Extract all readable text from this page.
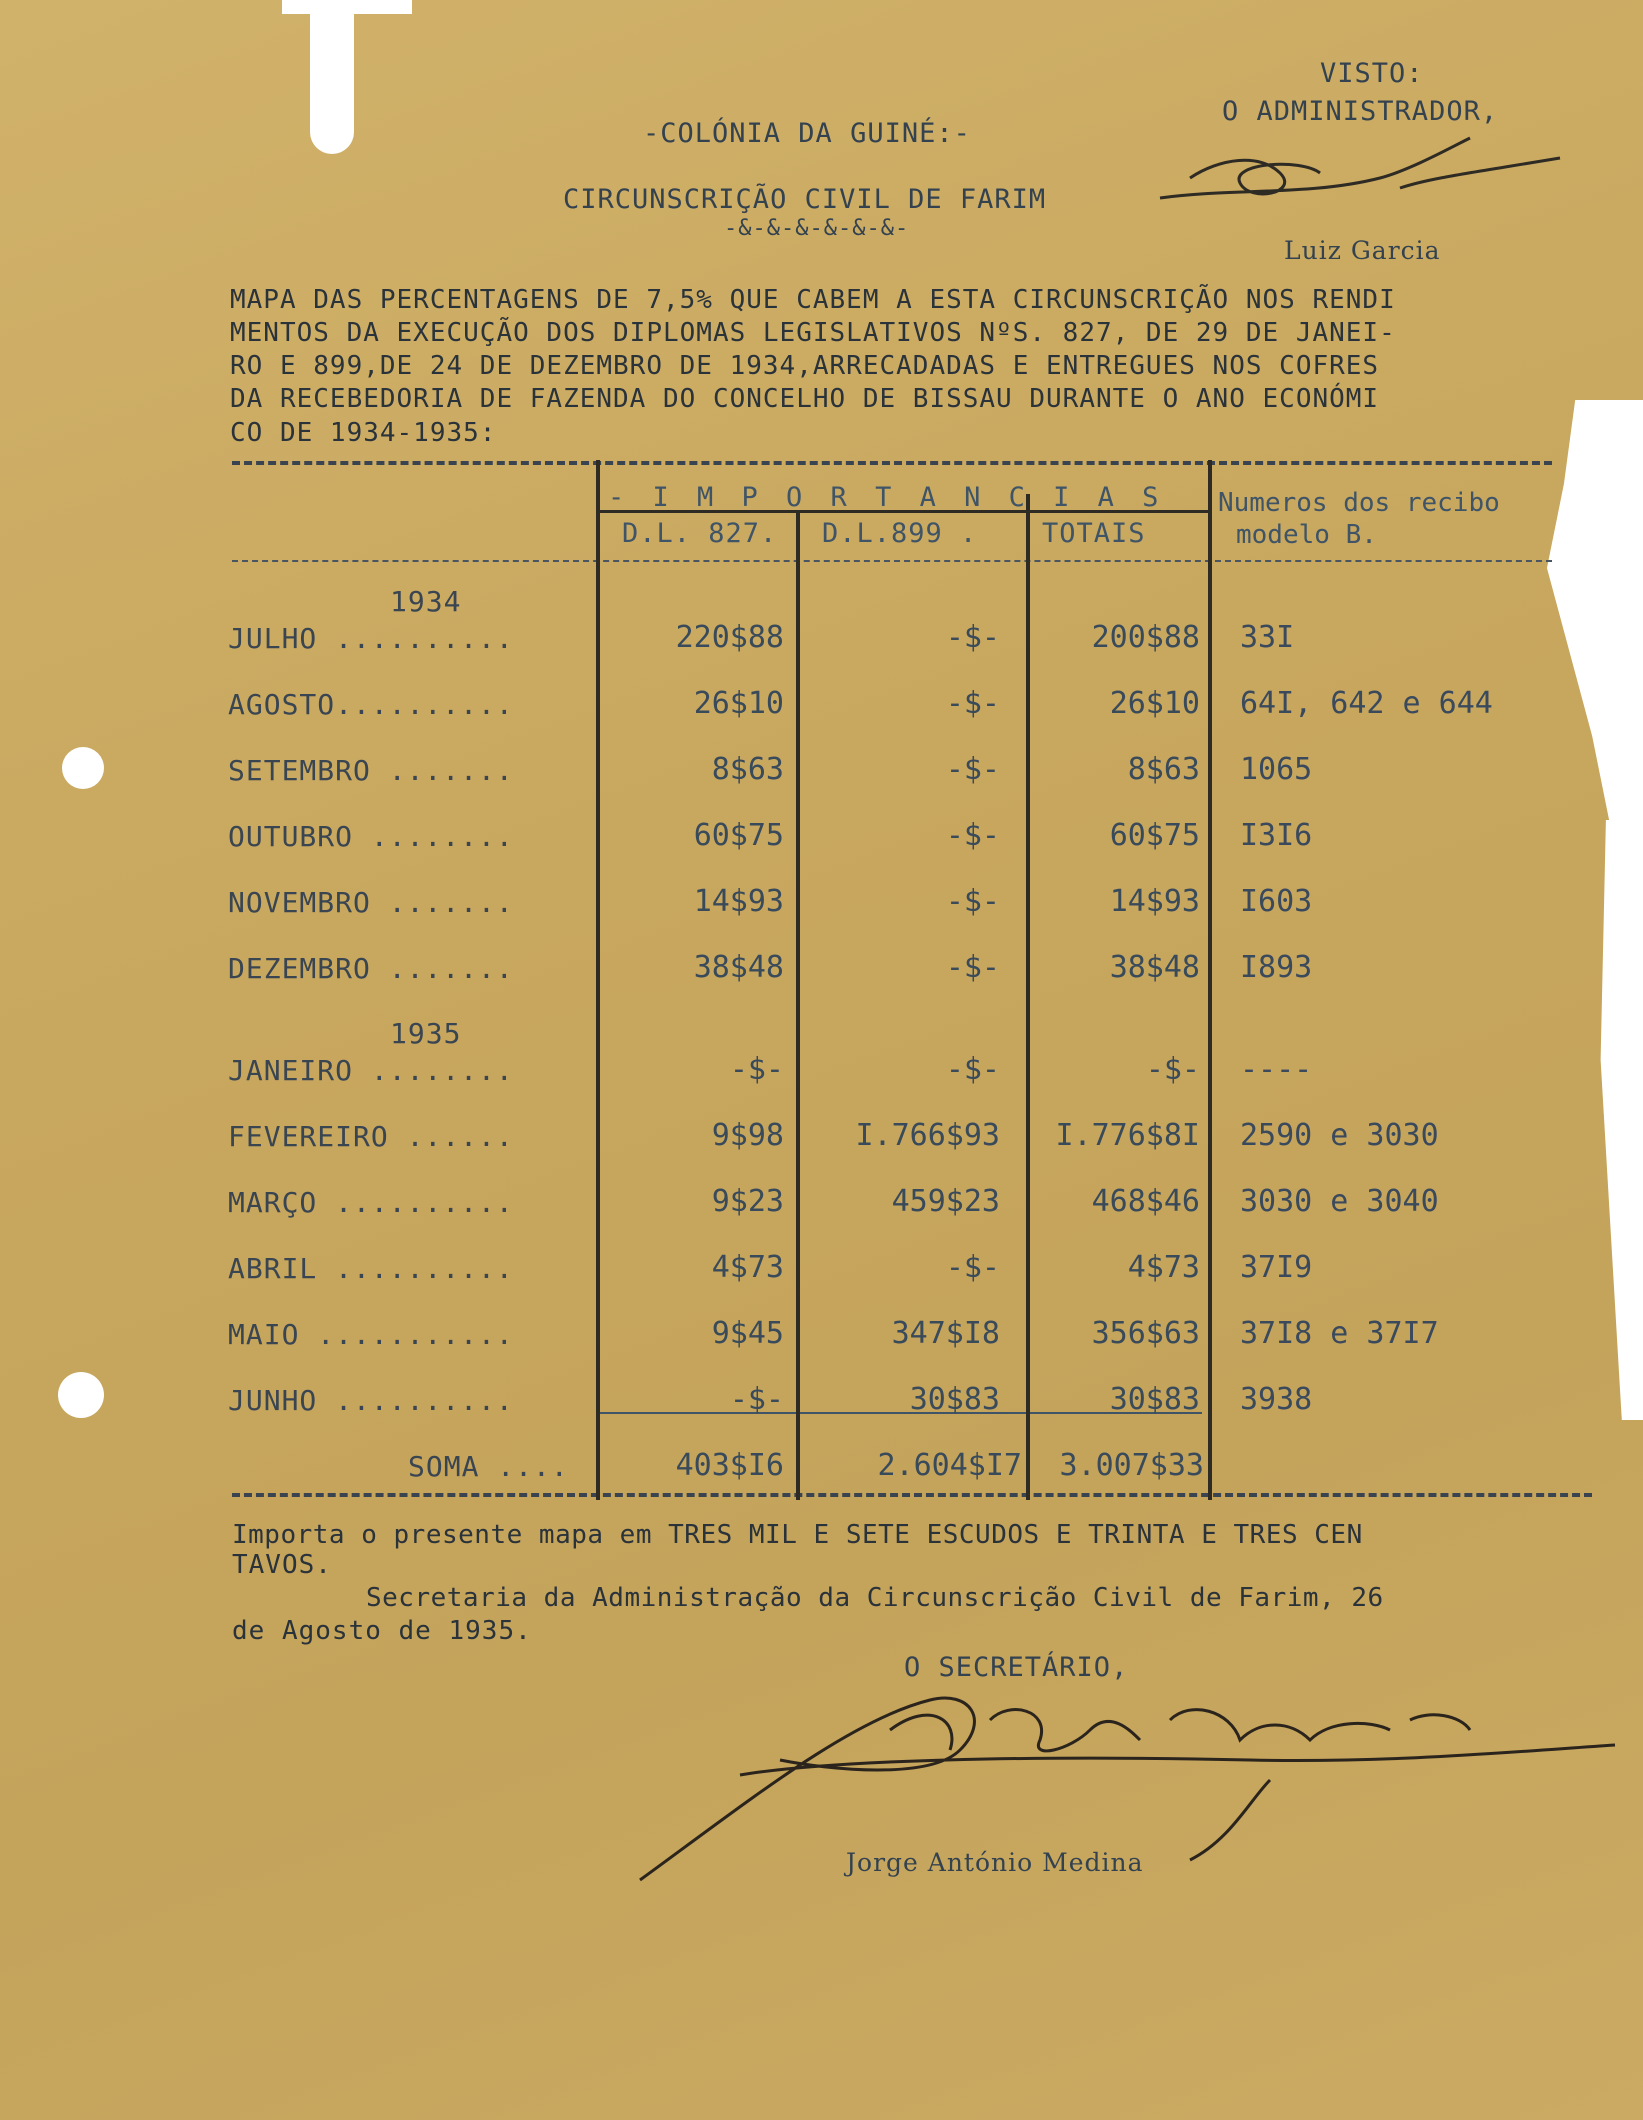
VISTO:
O ADMINISTRADOR,
Luiz Garcia
-COLÓNIA DA GUINÉ:-
CIRCUNSCRIÇÃO CIVIL DE FARIM
-&-&-&-&-&-&-
MAPA DAS PERCENTAGENS DE 7,5% QUE CABEM A ESTA CIRCUNSCRIÇÃO NOS RENDI
MENTOS DA EXECUÇÃO DOS DIPLOMAS LEGISLATIVOS NºS. 827, DE 29 DE JANEI-
RO E 899,DE 24 DE DEZEMBRO DE 1934,ARRECADADAS E ENTREGUES NOS COFRES
DA RECEBEDORIA DE FAZENDA DO CONCELHO DE BISSAU DURANTE O ANO ECONÓMI
CO DE 1934-1935:
- I M P O R T A N C I A S
D.L. 827. D.L.899 . TOTAIS
Numeros dos recibo
modelo B.
1934
1935
JULHO ..........	220$88	-$-	200$88 33I
AGOSTO..........	26$10	-$-	26$10 64I, 642 e 644
SETEMBRO .......	8$63	-$-	8$63 1065
OUTUBRO ........	60$75	-$-	60$75 I3I6
NOVEMBRO .......	14$93	-$-	14$93 I603
DEZEMBRO .......	38$48	-$-	38$48 I893
JANEIRO ........	-$-	-$-	-$- ----
FEVEREIRO ......	9$98	I.766$93	I.776$8I 2590 e 3030
MARÇO ..........	9$23	459$23	468$46 3030 e 3040
ABRIL ..........	4$73	-$-	4$73 37I9
MAIO ...........	9$45	347$I8	356$63 37I8 e 37I7
JUNHO ..........	-$-	30$83	30$83 3938
SOMA ....	403$I6	2.604$I7	3.007$33
Importa o presente mapa em TRES MIL E SETE ESCUDOS E TRINTA E TRES CEN
TAVOS.
Secretaria da Administração da Circunscrição Civil de Farim, 26
de Agosto de 1935.
O SECRETÁRIO,
Jorge António Medina
